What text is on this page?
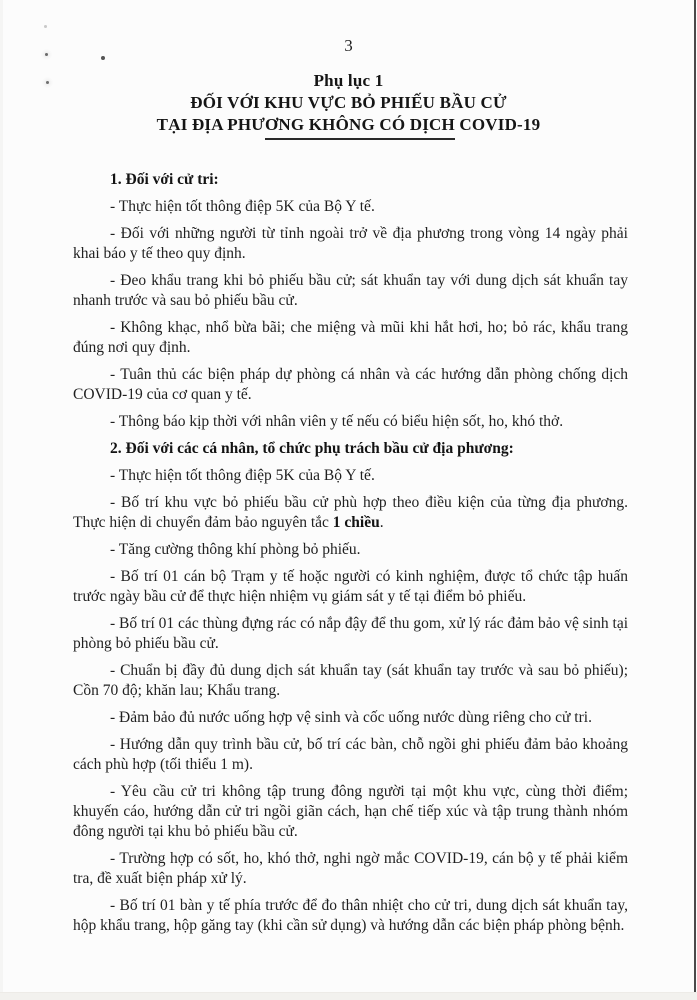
3
Phụ lục 1
ĐỐI VỚI KHU VỰC BỎ PHIẾU BẦU CỬ
TẠI ĐỊA PHƯƠNG KHÔNG CÓ DỊCH COVID-19

1. Đối với cử tri:

- Thực hiện tốt thông điệp 5K của Bộ Y tế.

- Đối với những người từ tỉnh ngoài trở về địa phương trong vòng 14 ngày phải khai báo y tế theo quy định.

- Đeo khẩu trang khi bỏ phiếu bầu cử; sát khuẩn tay với dung dịch sát khuẩn tay nhanh trước và sau bỏ phiếu bầu cử.

- Không khạc, nhổ bừa bãi; che miệng và mũi khi hắt hơi, ho; bỏ rác, khẩu trang đúng nơi quy định.

- Tuân thủ các biện pháp dự phòng cá nhân và các hướng dẫn phòng chống dịch COVID-19 của cơ quan y tế.

- Thông báo kịp thời với nhân viên y tế nếu có biểu hiện sốt, ho, khó thở.

2. Đối với các cá nhân, tổ chức phụ trách bầu cử địa phương:

- Thực hiện tốt thông điệp 5K của Bộ Y tế.

- Bố trí khu vực bỏ phiếu bầu cử phù hợp theo điều kiện của từng địa phương. Thực hiện di chuyển đảm bảo nguyên tắc 1 chiều.

- Tăng cường thông khí phòng bỏ phiếu.

- Bố trí 01 cán bộ Trạm y tế hoặc người có kinh nghiệm, được tổ chức tập huấn trước ngày bầu cử để thực hiện nhiệm vụ giám sát y tế tại điểm bỏ phiếu.

- Bố trí 01 các thùng đựng rác có nắp đậy để thu gom, xử lý rác đảm bảo vệ sinh tại phòng bỏ phiếu bầu cử.

- Chuẩn bị đầy đủ dung dịch sát khuẩn tay (sát khuẩn tay trước và sau bỏ phiếu); Cồn 70 độ; khăn lau; Khẩu trang.

- Đảm bảo đủ nước uống hợp vệ sinh và cốc uống nước dùng riêng cho cử tri.

- Hướng dẫn quy trình bầu cử, bố trí các bàn, chỗ ngồi ghi phiếu đảm bảo khoảng cách phù hợp (tối thiểu 1 m).

- Yêu cầu cử tri không tập trung đông người tại một khu vực, cùng thời điểm; khuyến cáo, hướng dẫn cử tri ngồi giãn cách, hạn chế tiếp xúc và tập trung thành nhóm đông người tại khu bỏ phiếu bầu cử.

- Trường hợp có sốt, ho, khó thở, nghi ngờ mắc COVID-19, cán bộ y tế phải kiểm tra, đề xuất biện pháp xử lý.

- Bố trí 01 bàn y tế phía trước để đo thân nhiệt cho cử tri, dung dịch sát khuẩn tay, hộp khẩu trang, hộp găng tay (khi cần sử dụng) và hướng dẫn các biện pháp phòng bệnh.
